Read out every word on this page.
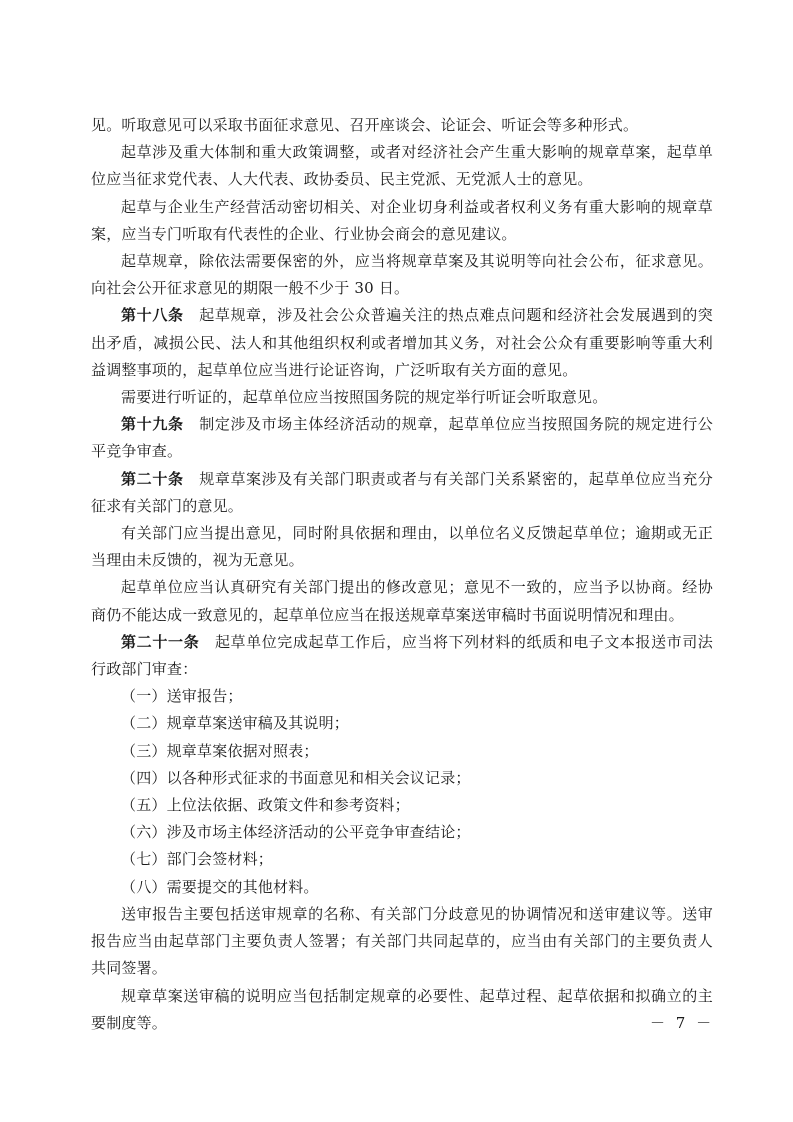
见。听取意见可以采取书面征求意见、召开座谈会、论证会、听证会等多种形式。

起草涉及重大体制和重大政策调整，或者对经济社会产生重大影响的规章草案，起草单位应当征求党代表、人大代表、政协委员、民主党派、无党派人士的意见。

起草与企业生产经营活动密切相关、对企业切身利益或者权利义务有重大影响的规章草案，应当专门听取有代表性的企业、行业协会商会的意见建议。

起草规章，除依法需要保密的外，应当将规章草案及其说明等向社会公布，征求意见。向社会公开征求意见的期限一般不少于 30 日。

第十八条　 起草规章，涉及社会公众普遍关注的热点难点问题和经济社会发展遇到的突出矛盾，减损公民、法人和其他组织权利或者增加其义务，对社会公众有重要影响等重大利益调整事项的，起草单位应当进行论证咨询，广泛听取有关方面的意见。

需要进行听证的，起草单位应当按照国务院的规定举行听证会听取意见。

第十九条　 制定涉及市场主体经济活动的规章，起草单位应当按照国务院的规定进行公平竞争审查。

第二十条　 规章草案涉及有关部门职责或者与有关部门关系紧密的，起草单位应当充分征求有关部门的意见。

有关部门应当提出意见，同时附具依据和理由，以单位名义反馈起草单位；逾期或无正当理由未反馈的，视为无意见。

起草单位应当认真研究有关部门提出的修改意见；意见不一致的，应当予以协商。经协商仍不能达成一致意见的，起草单位应当在报送规章草案送审稿时书面说明情况和理由。

第二十一条　 起草单位完成起草工作后，应当将下列材料的纸质和电子文本报送市司法行政部门审查：

（一）送审报告；

（二）规章草案送审稿及其说明；

（三）规章草案依据对照表；

（四）以各种形式征求的书面意见和相关会议记录；

（五）上位法依据、政策文件和参考资料；

（六）涉及市场主体经济活动的公平竞争审查结论；

（七）部门会签材料；

（八）需要提交的其他材料。

送审报告主要包括送审规章的名称、有关部门分歧意见的协调情况和送审建议等。送审报告应当由起草部门主要负责人签署；有关部门共同起草的，应当由有关部门的主要负责人共同签署。

规章草案送审稿的说明应当包括制定规章的必要性、起草过程、起草依据和拟确立的主要制度等。	－ 7 －
